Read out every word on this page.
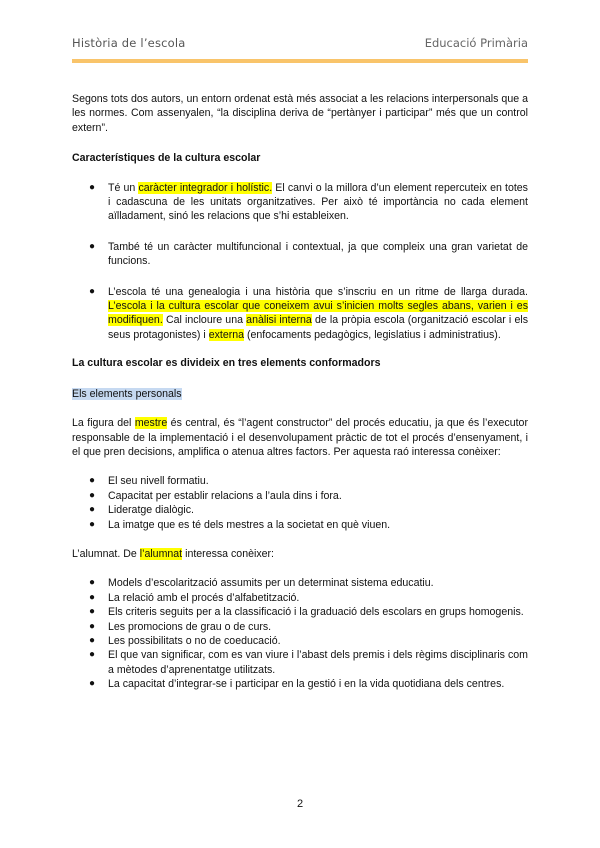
Història de l’escola	Educació Primària

Segons tots dos autors, un entorn ordenat està més associat a les relacions interpersonals que a les normes. Com assenyalen, “la disciplina deriva de “pertànyer i participar” més que un control extern”.

Característiques de la cultura escolar
● Té un caràcter integrador i holístic. El canvi o la millora d’un element repercuteix en totes i cadascuna de les unitats organitzatives. Per això té importància no cada element aïlladament, sinó les relacions que s’hi estableixen.
● També té un caràcter multifuncional i contextual, ja que compleix una gran varietat de funcions.
● L’escola té una genealogia i una història que s’inscriu en un ritme de llarga durada. L’escola i la cultura escolar que coneixem avui s’inicien molts segles abans, varien i es modifiquen. Cal incloure una anàlisi interna de la pròpia escola (organització escolar i els seus protagonistes) i externa (enfocaments pedagògics, legislatius i administratius).
La cultura escolar es divideix en tres elements conformadors

Els elements personals

La figura del mestre és central, és “l’agent constructor” del procés educatiu, ja que és l’executor responsable de la implementació i el desenvolupament pràctic de tot el procés d’ensenyament, i el que pren decisions, amplifica o atenua altres factors. Per aquesta raó interessa conèixer:

● El seu nivell formatiu.
● Capacitat per establir relacions a l’aula dins i fora.
● Lideratge dialògic.
● La imatge que es té dels mestres a la societat en què viuen.

L’alumnat. De l’alumnat interessa conèixer:

● Models d’escolarització assumits per un determinat sistema educatiu.
● La relació amb el procés d’alfabetització.
● Els criteris seguits per a la classificació i la graduació dels escolars en grups homogenis.
● Les promocions de grau o de curs.
● Les possibilitats o no de coeducació.
● El que van significar, com es van viure i l’abast dels premis i dels règims disciplinaris com a mètodes d’aprenentatge utilitzats.
● La capacitat d’integrar-se i participar en la gestió i en la vida quotidiana dels centres.
2
